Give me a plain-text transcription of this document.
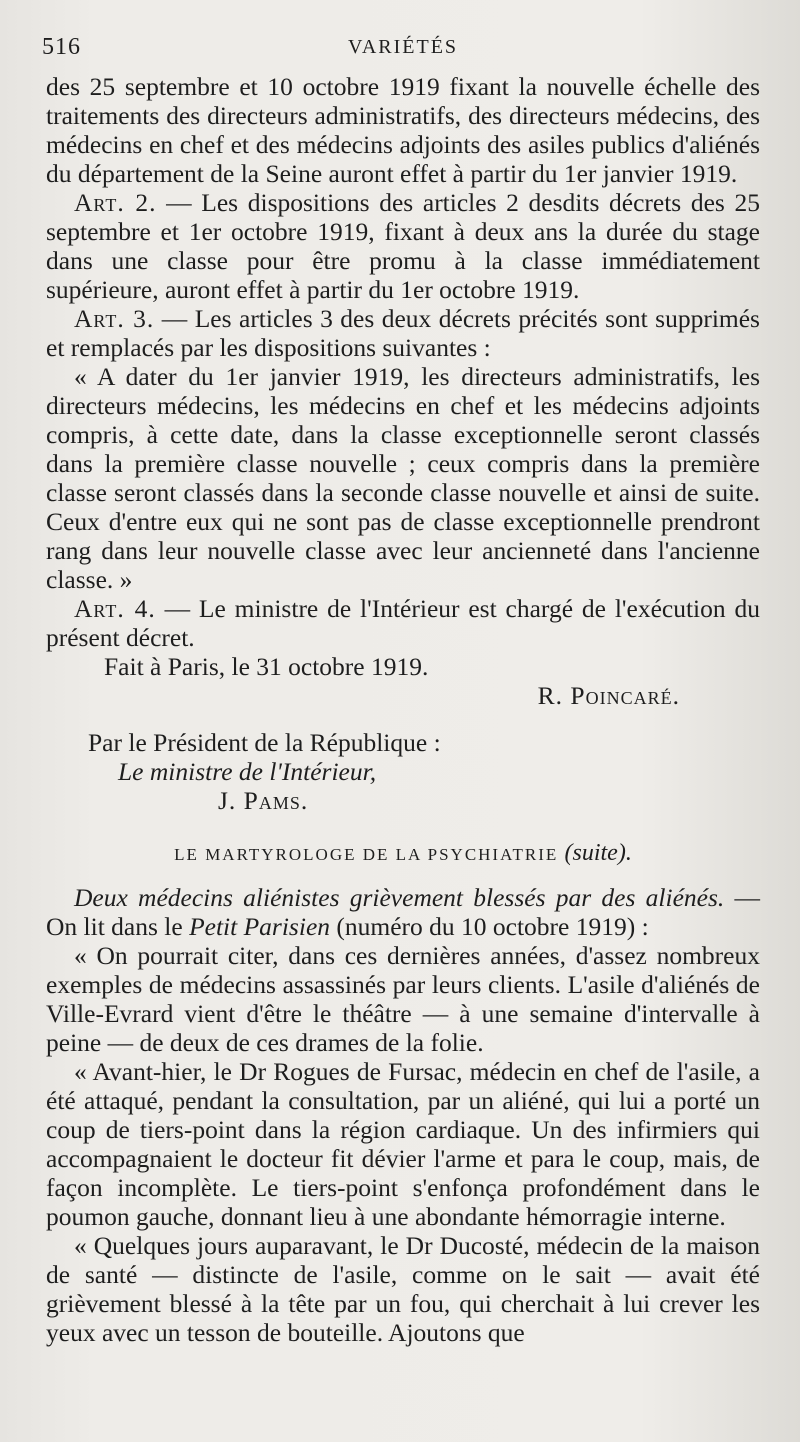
516	VARIÉTÉS

des 25 septembre et 10 octobre 1919 fixant la nouvelle échelle des traitements des directeurs administratifs, des directeurs médecins, des médecins en chef et des médecins adjoints des asiles publics d'aliénés du département de la Seine auront effet à partir du 1er janvier 1919.

Art. 2. — Les dispositions des articles 2 desdits décrets des 25 septembre et 1er octobre 1919, fixant à deux ans la durée du stage dans une classe pour être promu à la classe immédiatement supérieure, auront effet à partir du 1er octobre 1919.

Art. 3. — Les articles 3 des deux décrets précités sont supprimés et remplacés par les dispositions suivantes :

« A dater du 1er janvier 1919, les directeurs administratifs, les directeurs médecins, les médecins en chef et les médecins adjoints compris, à cette date, dans la classe exceptionnelle seront classés dans la première classe nouvelle ; ceux compris dans la première classe seront classés dans la seconde classe nouvelle et ainsi de suite. Ceux d'entre eux qui ne sont pas de classe exceptionnelle prendront rang dans leur nouvelle classe avec leur ancienneté dans l'ancienne classe. »

Art. 4. — Le ministre de l'Intérieur est chargé de l'exécution du présent décret.

Fait à Paris, le 31 octobre 1919.

R. Poincaré.

Par le Président de la République :

Le ministre de l'Intérieur,

J. Pams.

LE MARTYROLOGE DE LA PSYCHIATRIE (suite).

Deux médecins aliénistes grièvement blessés par des aliénés. — On lit dans le Petit Parisien (numéro du 10 octobre 1919) :

« On pourrait citer, dans ces dernières années, d'assez nombreux exemples de médecins assassinés par leurs clients. L'asile d'aliénés de Ville-Evrard vient d'être le théâtre — à une semaine d'intervalle à peine — de deux de ces drames de la folie.

« Avant-hier, le Dr Rogues de Fursac, médecin en chef de l'asile, a été attaqué, pendant la consultation, par un aliéné, qui lui a porté un coup de tiers-point dans la région cardiaque. Un des infirmiers qui accompagnaient le docteur fit dévier l'arme et para le coup, mais, de façon incomplète. Le tiers-point s'enfonça profondément dans le poumon gauche, donnant lieu à une abondante hémorragie interne.

« Quelques jours auparavant, le Dr Ducosté, médecin de la maison de santé — distincte de l'asile, comme on le sait — avait été grièvement blessé à la tête par un fou, qui cherchait à lui crever les yeux avec un tesson de bouteille. Ajoutons que
